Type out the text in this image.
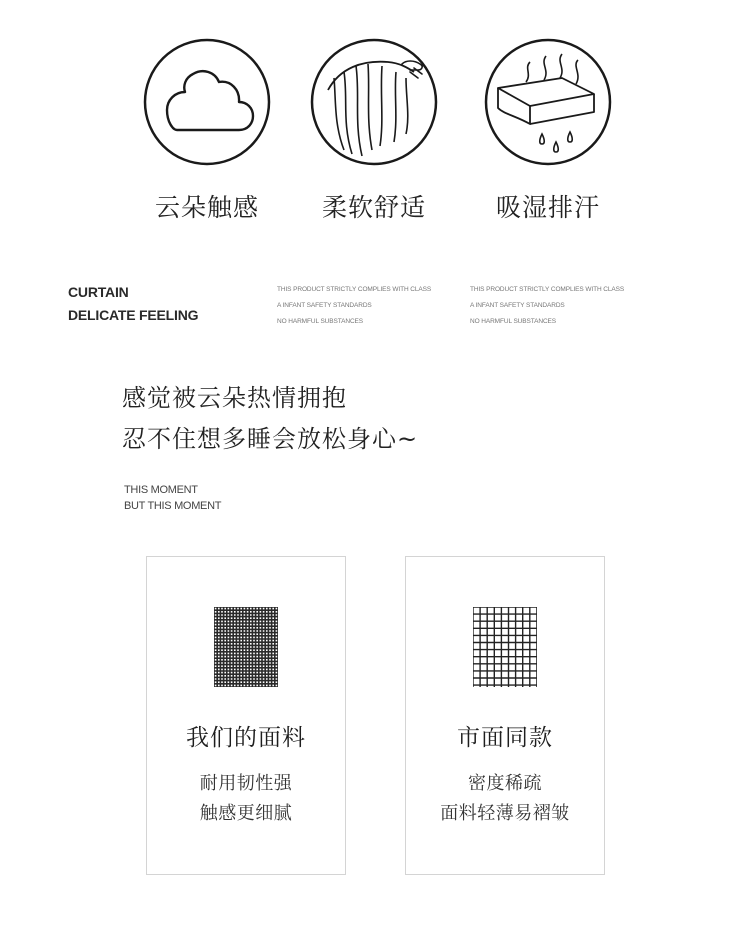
云朵触感	柔软舒适	吸湿排汗
CURTAIN
DELICATE FEELING
THIS PRODUCT STRICTLY COMPLIES WITH CLASS
A INFANT SAFETY STANDARDS
NO HARMFUL SUBSTANCES
THIS PRODUCT STRICTLY COMPLIES WITH CLASS
A INFANT SAFETY STANDARDS
NO HARMFUL SUBSTANCES
感觉被云朵热情拥抱
忍不住想多睡会放松身心~
THIS MOMENT
BUT THIS MOMENT
我们的面料
耐用韧性强
触感更细腻
市面同款
密度稀疏
面料轻薄易褶皱
